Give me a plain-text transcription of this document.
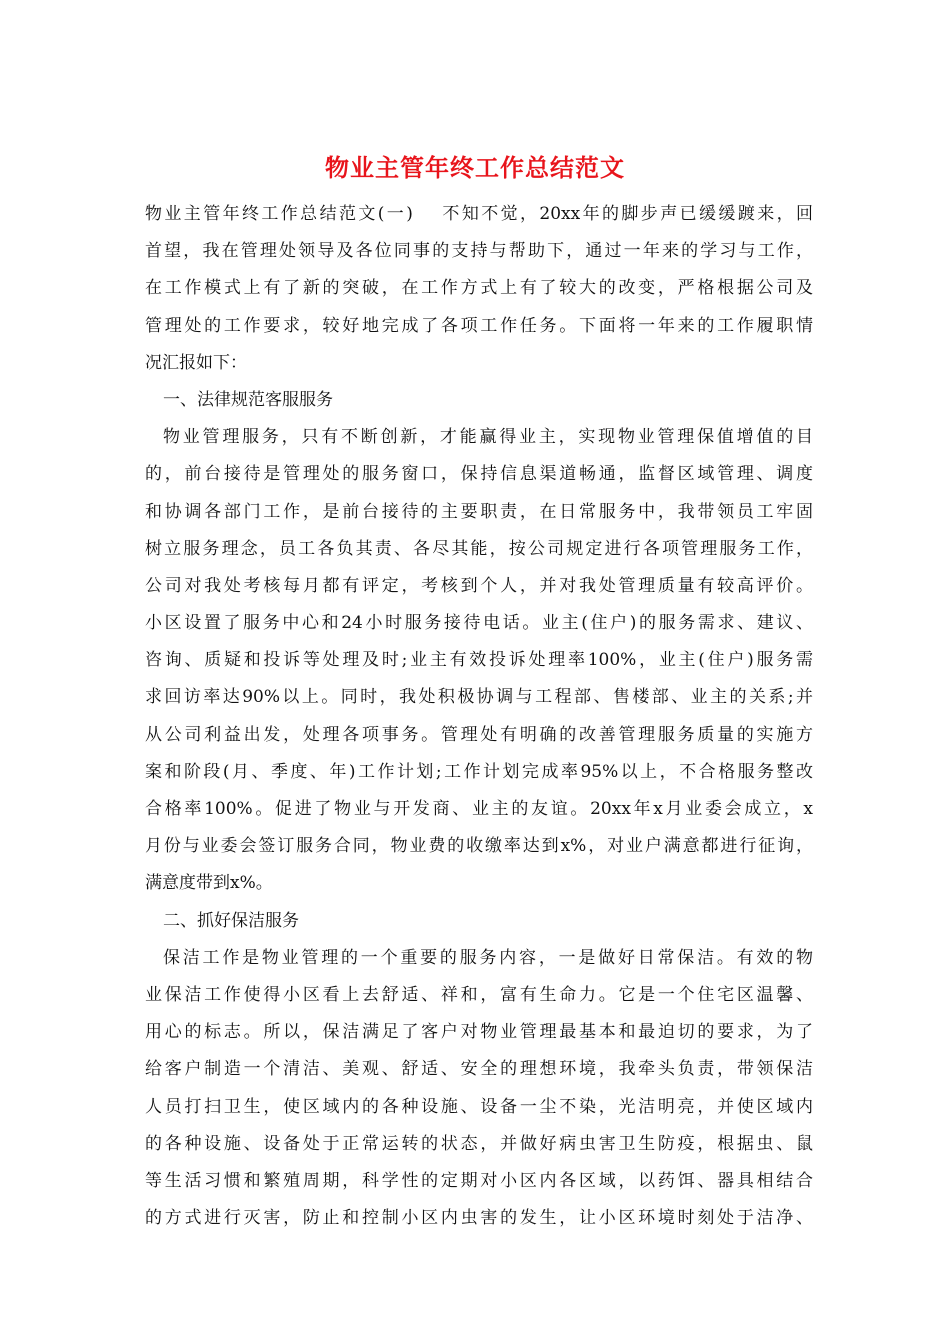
物业主管年终工作总结范文
物业主管年终工作总结范文(一)　 不知不觉，20xx年的脚步声已缓缓踱来，回
首望，我在管理处领导及各位同事的支持与帮助下，通过一年来的学习与工作，
在工作模式上有了新的突破，在工作方式上有了较大的改变，严格根据公司及
管理处的工作要求，较好地完成了各项工作任务。下面将一年来的工作履职情
况汇报如下：
一、法律规范客服服务
物业管理服务，只有不断创新，才能赢得业主，实现物业管理保值增值的目
的，前台接待是管理处的服务窗口，保持信息渠道畅通，监督区域管理、调度
和协调各部门工作，是前台接待的主要职责，在日常服务中，我带领员工牢固
树立服务理念，员工各负其责、各尽其能，按公司规定进行各项管理服务工作，
公司对我处考核每月都有评定，考核到个人，并对我处管理质量有较高评价。
小区设置了服务中心和24小时服务接待电话。业主(住户)的服务需求、建议、
咨询、质疑和投诉等处理及时;业主有效投诉处理率100%，业主(住户)服务需
求回访率达90%以上。同时，我处积极协调与工程部、售楼部、业主的关系;并
从公司利益出发，处理各项事务。管理处有明确的改善管理服务质量的实施方
案和阶段(月、季度、年)工作计划;工作计划完成率95%以上，不合格服务整改
合格率100%。促进了物业与开发商、业主的友谊。20xx年x月业委会成立，x
月份与业委会签订服务合同，物业费的收缴率达到x%，对业户满意都进行征询，
满意度带到x%。
二、抓好保洁服务
保洁工作是物业管理的一个重要的服务内容，一是做好日常保洁。有效的物
业保洁工作使得小区看上去舒适、祥和，富有生命力。它是一个住宅区温馨、
用心的标志。所以，保洁满足了客户对物业管理最基本和最迫切的要求，为了
给客户制造一个清洁、美观、舒适、安全的理想环境，我牵头负责，带领保洁
人员打扫卫生，使区域内的各种设施、设备一尘不染，光洁明亮，并使区域内
的各种设施、设备处于正常运转的状态，并做好病虫害卫生防疫，根据虫、鼠
等生活习惯和繁殖周期，科学性的定期对小区内各区域，以药饵、器具相结合
的方式进行灭害，防止和控制小区内虫害的发生，让小区环境时刻处于洁净、
